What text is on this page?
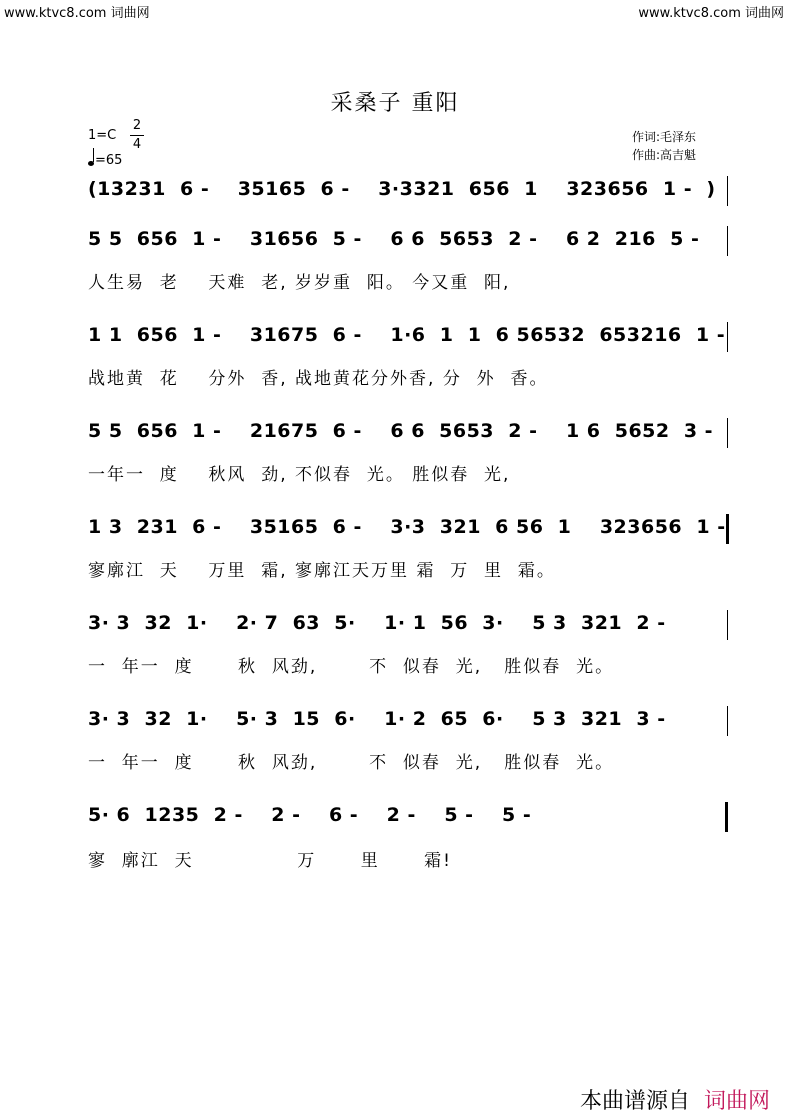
www.ktvc8.com 词曲网	www.ktvc8.com 词曲网
采桑子 重阳
1=C
2
4
=65
作词:毛泽东
作曲:高吉魁
(13231  6 -    35165  6 -    3·3321  656  1    323656  1 -  )
5 5  656  1 -    31656  5 -    6 6  5653  2 -    6 2  216  5 -
人生易  老    天难  老, 岁岁重  阳。 今又重  阳,
1 1  656  1 -    31675  6 -    1·6  1  1  6 56532  653216  1 -
战地黄  花    分外  香, 战地黄花分外香, 分  外  香。
5 5  656  1 -    21675  6 -    6 6  5653  2 -    1 6  5652  3 -
一年一  度    秋风  劲, 不似春  光。 胜似春  光,
1 3  231  6 -    35165  6 -    3·3  321  6 56  1    323656  1 -
寥廓江  天    万里  霜, 寥廓江天万里 霜  万  里  霜。
3· 3  32  1·    2· 7  63  5·    1· 1  56  3·    5 3  321  2 -
一  年一  度      秋  风劲,       不  似春  光,   胜似春  光。
3· 3  32  1·    5· 3  15  6·    1· 2  65  6·    5 3  321  3 -
一  年一  度      秋  风劲,       不  似春  光,   胜似春  光。
5· 6  1235  2 -    2 -    6 -    2 -    5 -    5 -
寥  廓江  天              万      里      霜!
本曲谱源自 词曲网
